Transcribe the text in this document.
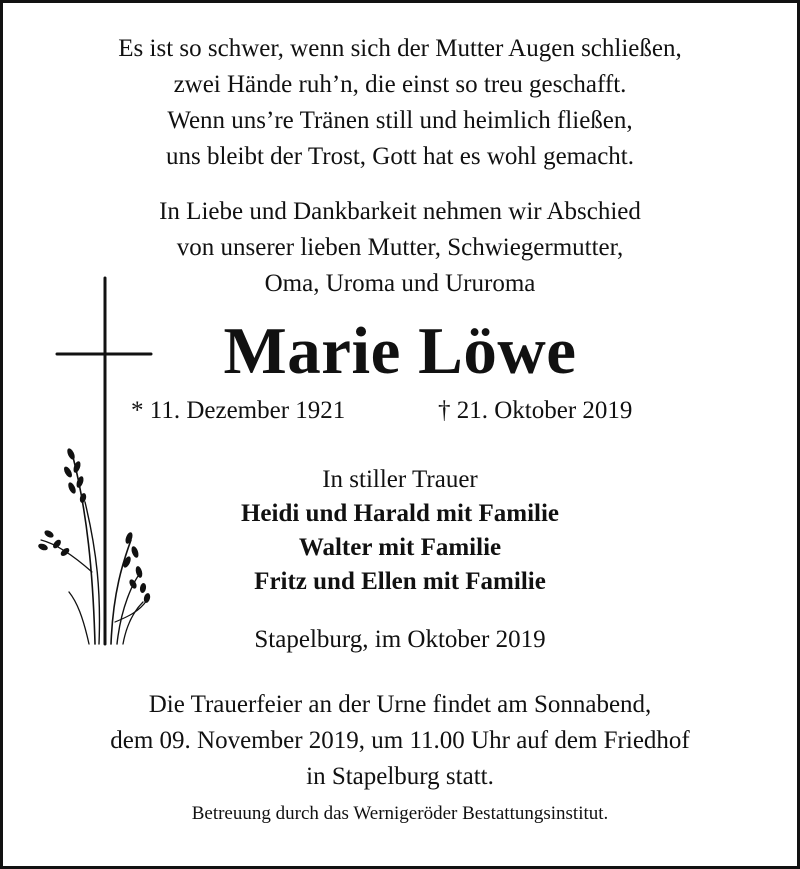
Es ist so schwer, wenn sich der Mutter Augen schließen,
zwei Hände ruh’n, die einst so treu geschafft.
Wenn uns’re Tränen still und heimlich fließen,
uns bleibt der Trost, Gott hat es wohl gemacht.
In Liebe und Dankbarkeit nehmen wir Abschied
von unserer lieben Mutter, Schwiegermutter,
Oma, Uroma und Ururoma
Marie Löwe
* 11. Dezember 1921	† 21. Oktober 2019
In stiller Trauer
Heidi und Harald mit Familie
Walter mit Familie
Fritz und Ellen mit Familie
Stapelburg, im Oktober 2019
Die Trauerfeier an der Urne findet am Sonnabend,
dem 09. November 2019, um 11.00 Uhr auf dem Friedhof
in Stapelburg statt.
Betreuung durch das Wernigeröder Bestattungsinstitut.
